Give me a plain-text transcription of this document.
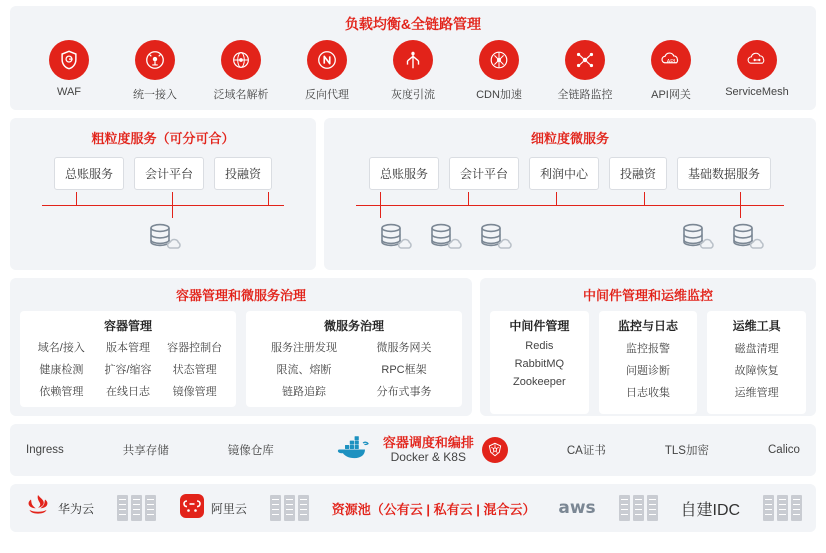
负载均衡&全链路管理
WAF	统一接入	泛域名解析	反向代理	灰度引流	CDN加速	全链路监控
API
API网关	ServiceMesh
粗粒度服务（可分可合）
总账服务	会计平台	投融资
细粒度微服务
总账服务	会计平台	利润中心	投融资	基础数据服务
容器管理和微服务治理
容器管理
域名/接入	版本管理	容器控制台
健康检测	扩容/缩容	状态管理
依赖管理	在线日志	镜像管理
微服务治理
服务注册发现	微服务网关
限流、熔断	RPC框架
链路追踪	分布式事务
中间件管理和运维监控
中间件管理
Redis
RabbitMQ
Zookeeper
监控与日志
监控报警
问题诊断
日志收集
运维工具
磁盘清理
故障恢复
运维管理
Ingress	共享存储	镜像仓库
容器调度和编排
Docker & K8S	CA证书	TLS加密	Calico
华为云	阿里云	资源池（公有云 | 私有云 | 混合云） aws	自建IDC
